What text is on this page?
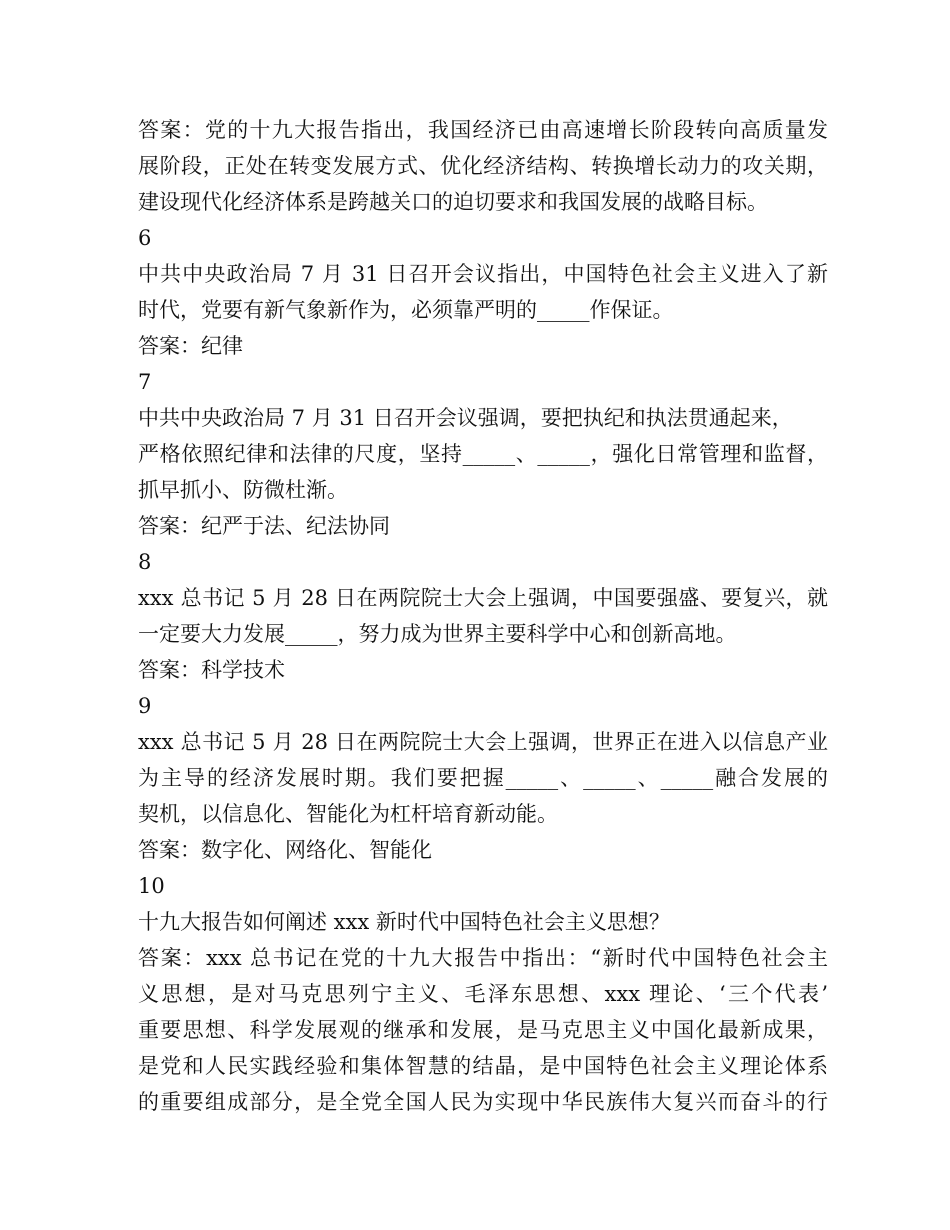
答案：党的十九大报告指出，我国经济已由高速增长阶段转向高质量发
展阶段，正处在转变发展方式、优化经济结构、转换增长动力的攻关期，
建设现代化经济体系是跨越关口的迫切要求和我国发展的战略目标。
6
中共中央政治局 7 月 31 日召开会议指出，中国特色社会主义进入了新
时代，党要有新气象新作为，必须靠严明的_____作保证。
答案：纪律
7
中共中央政治局 7 月 31 日召开会议强调，要把执纪和执法贯通起来，
严格依照纪律和法律的尺度，坚持_____、_____，强化日常管理和监督，
抓早抓小、防微杜渐。
答案：纪严于法、纪法协同
8
xxx 总书记 5 月 28 日在两院院士大会上强调，中国要强盛、要复兴，就
一定要大力发展_____，努力成为世界主要科学中心和创新高地。
答案：科学技术
9
xxx 总书记 5 月 28 日在两院院士大会上强调，世界正在进入以信息产业
为主导的经济发展时期。我们要把握_____、_____、_____融合发展的
契机，以信息化、智能化为杠杆培育新动能。
答案：数字化、网络化、智能化
10
十九大报告如何阐述 xxx 新时代中国特色社会主义思想？
答案：xxx 总书记在党的十九大报告中指出：“新时代中国特色社会主
义思想，是对马克思列宁主义、毛泽东思想、xxx 理论、‘三个代表’
重要思想、科学发展观的继承和发展，是马克思主义中国化最新成果，
是党和人民实践经验和集体智慧的结晶，是中国特色社会主义理论体系
的重要组成部分，是全党全国人民为实现中华民族伟大复兴而奋斗的行
